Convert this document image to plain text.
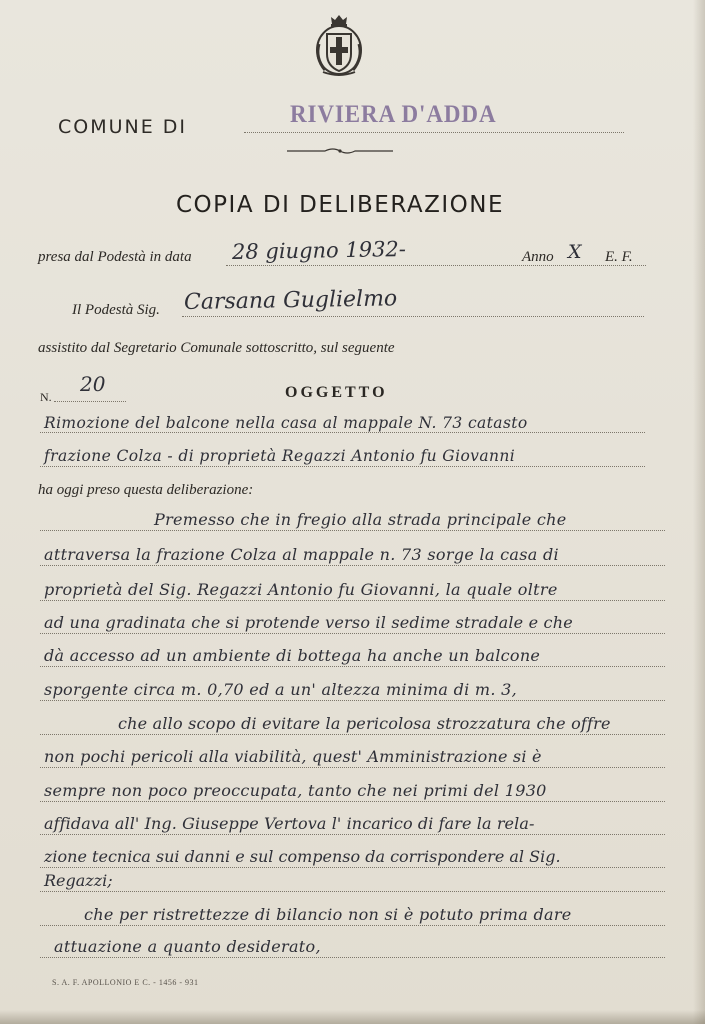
COMUNE DI	RIVIERA D'ADDA
COPIA DI DELIBERAZIONE
presa dal Podestà in data 28 giugno 1932-	Anno X E. F.
Il Podestà Sig. Carsana Guglielmo
assistito dal Segretario Comunale sottoscritto, sul seguente
N.
20	OGGETTO
Rimozione del balcone nella casa al mappale N. 73 catasto
frazione Colza - di proprietà Regazzi Antonio fu Giovanni
ha oggi preso questa deliberazione:
Premesso che in fregio alla strada principale che
attraversa la frazione Colza al mappale n. 73 sorge la casa di
proprietà del Sig. Regazzi Antonio fu Giovanni, la quale oltre
ad una gradinata che si protende verso il sedime stradale e che
dà accesso ad un ambiente di bottega ha anche un balcone
sporgente circa m. 0,70 ed a un' altezza minima di m. 3,
che allo scopo di evitare la pericolosa strozzatura che offre
non pochi pericoli alla viabilità, quest' Amministrazione si è
sempre non poco preoccupata, tanto che nei primi del 1930
affidava all' Ing. Giuseppe Vertova l' incarico di fare la rela-
zione tecnica sui danni e sul compenso da corrispondere al Sig.
Regazzi;
che per ristrettezze di bilancio non si è potuto prima dare
attuazione a quanto desiderato,
S. A. F. APOLLONIO E C. - 1456 - 931
